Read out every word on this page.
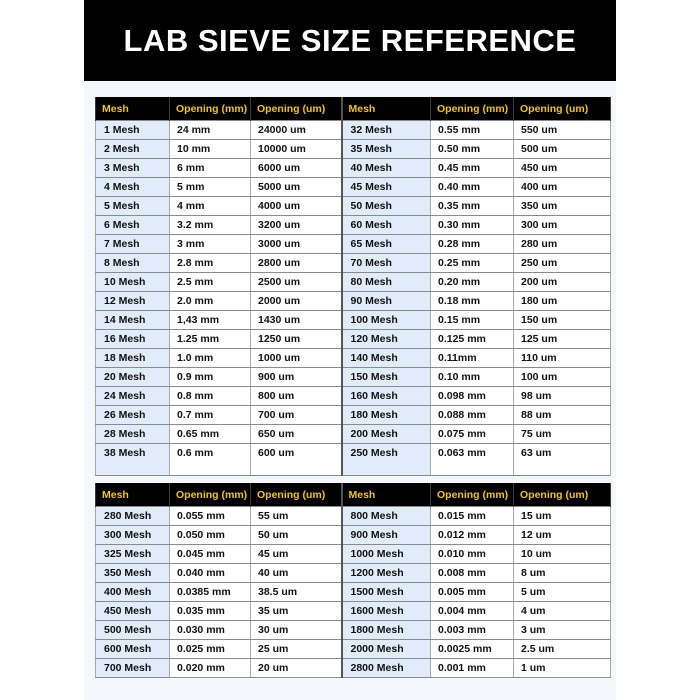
LAB SIEVE SIZE REFERENCE
Mesh	Opening (mm)	Opening (um)	Mesh	Opening (mm)	Opening (um)
1 Mesh	24 mm	24000 um	32 Mesh	0.55 mm	550 um
2 Mesh	10 mm	10000 um	35 Mesh	0.50 mm	500 um
3 Mesh	6 mm	6000 um	40 Mesh	0.45 mm	450 um
4 Mesh	5 mm	5000 um	45 Mesh	0.40 mm	400 um
5 Mesh	4 mm	4000 um	50 Mesh	0.35 mm	350 um
6 Mesh	3.2 mm	3200 um	60 Mesh	0.30 mm	300 um
7 Mesh	3 mm	3000 um	65 Mesh	0.28 mm	280 um
8 Mesh	2.8 mm	2800 um	70 Mesh	0.25 mm	250 um
10 Mesh	2.5 mm	2500 um	80 Mesh	0.20 mm	200 um
12 Mesh	2.0 mm	2000 um	90 Mesh	0.18 mm	180 um
14 Mesh	1,43 mm	1430 um	100 Mesh	0.15 mm	150 um
16 Mesh	1.25 mm	1250 um	120 Mesh	0.125 mm	125 um
18 Mesh	1.0 mm	1000 um	140 Mesh	0.11mm	110 um
20 Mesh	0.9 mm	900 um	150 Mesh	0.10 mm	100 um
24 Mesh	0.8 mm	800 um	160 Mesh	0.098 mm	98 um
26 Mesh	0.7 mm	700 um	180 Mesh	0.088 mm	88 um
28 Mesh	0.65 mm	650 um	200 Mesh	0.075 mm	75 um
38 Mesh	0.6 mm	600 um	250 Mesh	0.063 mm	63 um
Mesh	Opening (mm)	Opening (um)	Mesh	Opening (mm)	Opening (um)
280 Mesh	0.055 mm	55 um	800 Mesh	0.015 mm	15 um
300 Mesh	0.050 mm	50 um	900 Mesh	0.012 mm	12 um
325 Mesh	0.045 mm	45 um	1000 Mesh	0.010 mm	10 um
350 Mesh	0.040 mm	40 um	1200 Mesh	0.008 mm	8 um
400 Mesh	0.0385 mm	38.5 um	1500 Mesh	0.005 mm	5 um
450 Mesh	0.035 mm	35 um	1600 Mesh	0.004 mm	4 um
500 Mesh	0.030 mm	30 um	1800 Mesh	0.003 mm	3 um
600 Mesh	0.025 mm	25 um	2000 Mesh	0.0025 mm	2.5 um
700 Mesh	0.020 mm	20 um	2800 Mesh	0.001 mm	1 um
